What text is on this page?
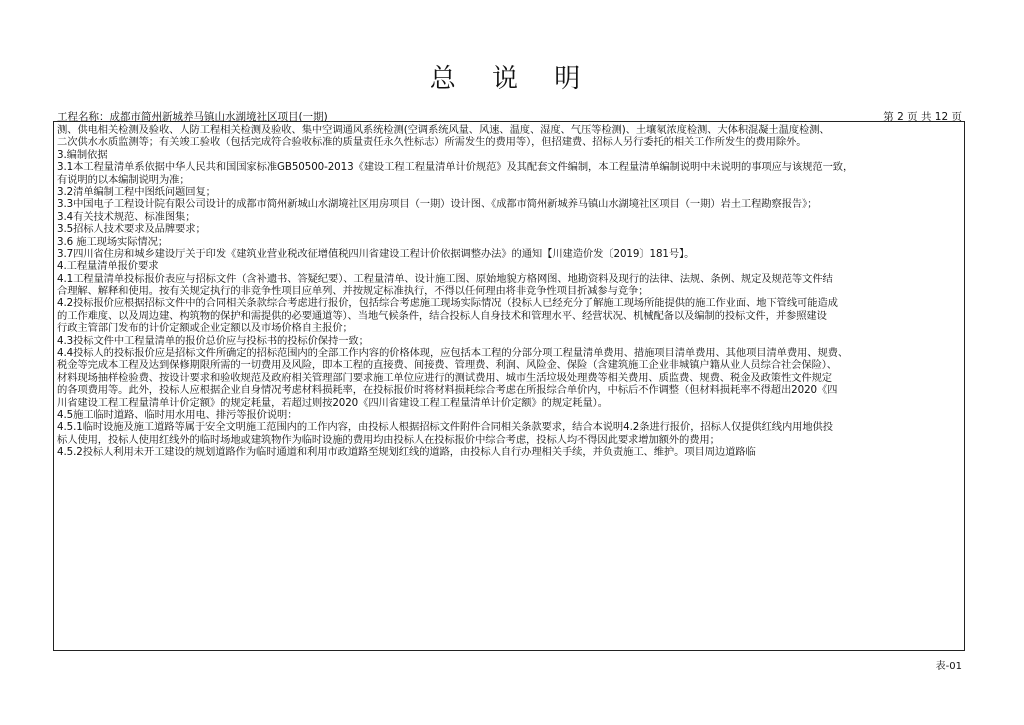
总 说 明
工程名称：成都市简州新城养马镇山水湖境社区项目(一期)	第 2 页 共 12 页
测、供电相关检测及验收、人防工程相关检测及验收、集中空调通风系统检测(空调系统风量、风速、温度、湿度、气压等检测)、土壤氡浓度检测、大体积混凝土温度检测、
二次供水水质监测等；有关竣工验收（包括完成符合验收标准的质量责任永久性标志）所需发生的费用等），但招建费、招标人另行委托的相关工作所发生的费用除外。
3.编制依据
3.1本工程量清单系依据中华人民共和国国家标准GB50500-2013《建设工程工程量清单计价规范》及其配套文件编制，本工程量清单编制说明中未说明的事项应与该规范一致，
有说明的以本编制说明为准；
3.2清单编制工程中图纸问题回复；
3.3中国电子工程设计院有限公司设计的成都市简州新城山水湖境社区用房项目（一期）设计图、《成都市简州新城养马镇山水湖境社区项目（一期）岩土工程勘察报告》；
3.4有关技术规范、标准图集；
3.5招标人技术要求及品牌要求；
3.6 施工现场实际情况；
3.7四川省住房和城乡建设厅关于印发《建筑业营业税改征增值税四川省建设工程计价依据调整办法》的通知【川建造价发〔2019〕181号】。
4.工程量清单报价要求
4.1工程量清单投标报价表应与招标文件（含补遗书、答疑纪要）、工程量清单、设计施工图、原始地貌方格网图、地勘资料及现行的法律、法规、条例、规定及规范等文件结
合理解、解释和使用。按有关规定执行的非竞争性项目应单列、并按规定标准执行，不得以任何理由将非竞争性项目折减参与竞争；
4.2投标报价应根据招标文件中的合同相关条款综合考虑进行报价，包括综合考虑施工现场实际情况（投标人已经充分了解施工现场所能提供的施工作业面、地下管线可能造成
的工作难度、以及周边建、构筑物的保护和需提供的必要通道等）、当地气候条件，结合投标人自身技术和管理水平、经营状况、机械配备以及编制的投标文件，并参照建设
行政主管部门发布的计价定额或企业定额以及市场价格自主报价；
4.3投标文件中工程量清单的报价总价应与投标书的投标价保持一致；
4.4投标人的投标报价应是招标文件所确定的招标范围内的全部工作内容的价格体现，应包括本工程的分部分项工程量清单费用、措施项目清单费用、其他项目清单费用、规费、
税金等完成本工程及达到保修期限所需的一切费用及风险，即本工程的直接费、间接费、管理费、利润、风险金、保险（含建筑施工企业非城镇户籍从业人员综合社会保险）、
材料现场抽样检验费、按设计要求和验收规范及政府相关管理部门要求施工单位应进行的测试费用、城市生活垃圾处理费等相关费用、质监费、规费、税金及政策性文件规定
的各项费用等。此外，投标人应根据企业自身情况考虑材料损耗率，在投标报价时将材料损耗综合考虑在所报综合单价内，中标后不作调整（但材料损耗率不得超出2020《四
川省建设工程工程量清单计价定额》的规定耗量，若超过则按2020《四川省建设工程工程量清单计价定额》的规定耗量）。
4.5施工临时道路、临时用水用电、排污等报价说明：
4.5.1临时设施及施工道路等属于安全文明施工范围内的工作内容，由投标人根据招标文件附件合同相关条款要求，结合本说明4.2条进行报价，招标人仅提供红线内用地供投
标人使用，投标人使用红线外的临时场地或建筑物作为临时设施的费用均由投标人在投标报价中综合考虑，投标人均不得因此要求增加额外的费用；
4.5.2投标人利用未开工建设的规划道路作为临时通道和利用市政道路至规划红线的道路，由投标人自行办理相关手续，并负责施工、维护。项目周边道路临
表-01
